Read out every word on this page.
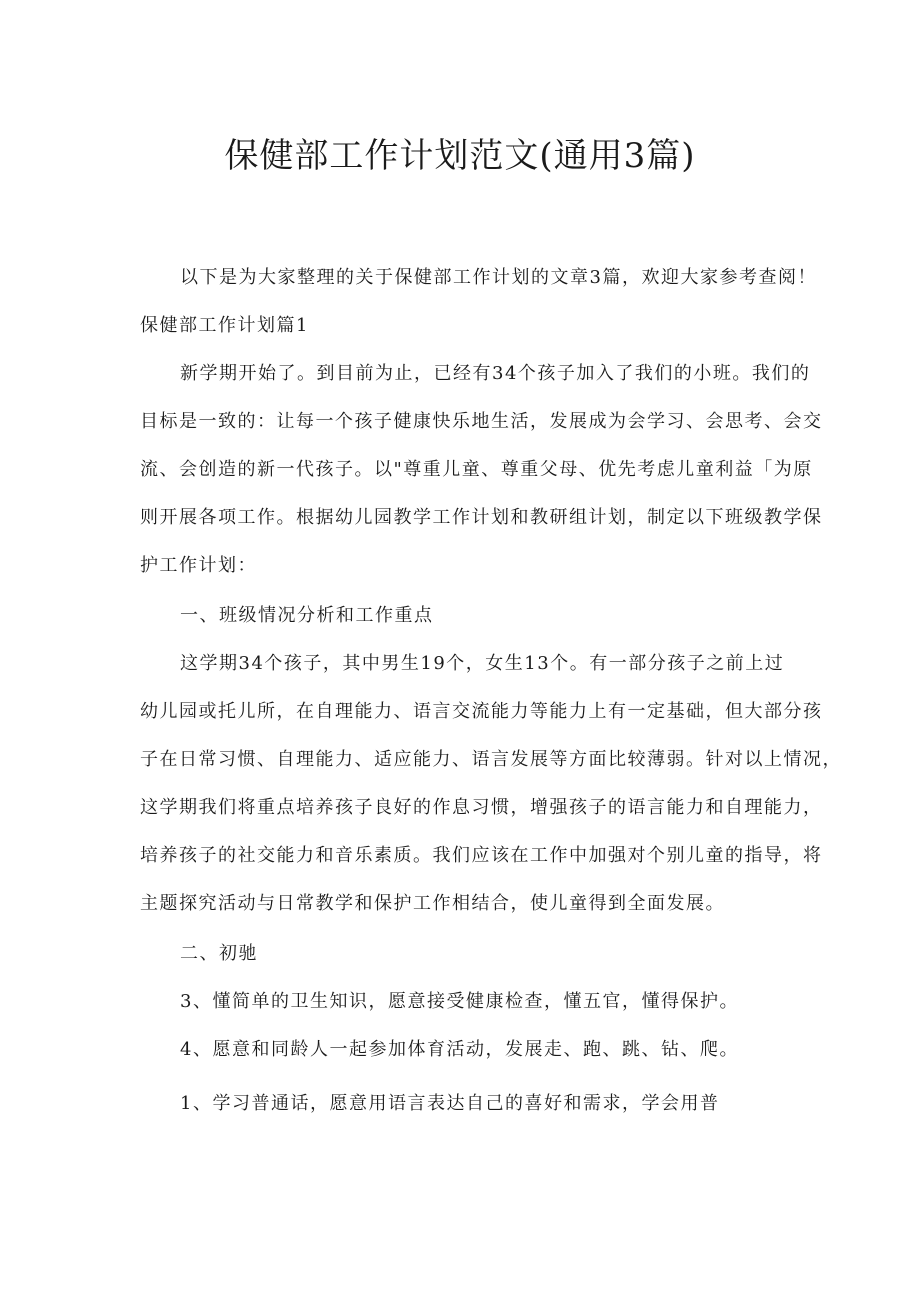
保健部工作计划范文(通用3篇)
以下是为大家整理的关于保健部工作计划的文章3篇，欢迎大家参考查阅！
保健部工作计划篇1
新学期开始了。到目前为止，已经有34个孩子加入了我们的小班。我们的
目标是一致的：让每一个孩子健康快乐地生活，发展成为会学习、会思考、会交
流、会创造的新一代孩子。以"尊重儿童、尊重父母、优先考虑儿童利益「为原
则开展各项工作。根据幼儿园教学工作计划和教研组计划，制定以下班级教学保
护工作计划：
一、班级情况分析和工作重点
这学期34个孩子，其中男生19个，女生13个。有一部分孩子之前上过
幼儿园或托儿所，在自理能力、语言交流能力等能力上有一定基础，但大部分孩
子在日常习惯、自理能力、适应能力、语言发展等方面比较薄弱。针对以上情况，
这学期我们将重点培养孩子良好的作息习惯，增强孩子的语言能力和自理能力，
培养孩子的社交能力和音乐素质。我们应该在工作中加强对个别儿童的指导，将
主题探究活动与日常教学和保护工作相结合，使儿童得到全面发展。
二、初驰
3、懂简单的卫生知识，愿意接受健康检查，懂五官，懂得保护。
4、愿意和同龄人一起参加体育活动，发展走、跑、跳、钻、爬。
1、学习普通话，愿意用语言表达自己的喜好和需求，学会用普
